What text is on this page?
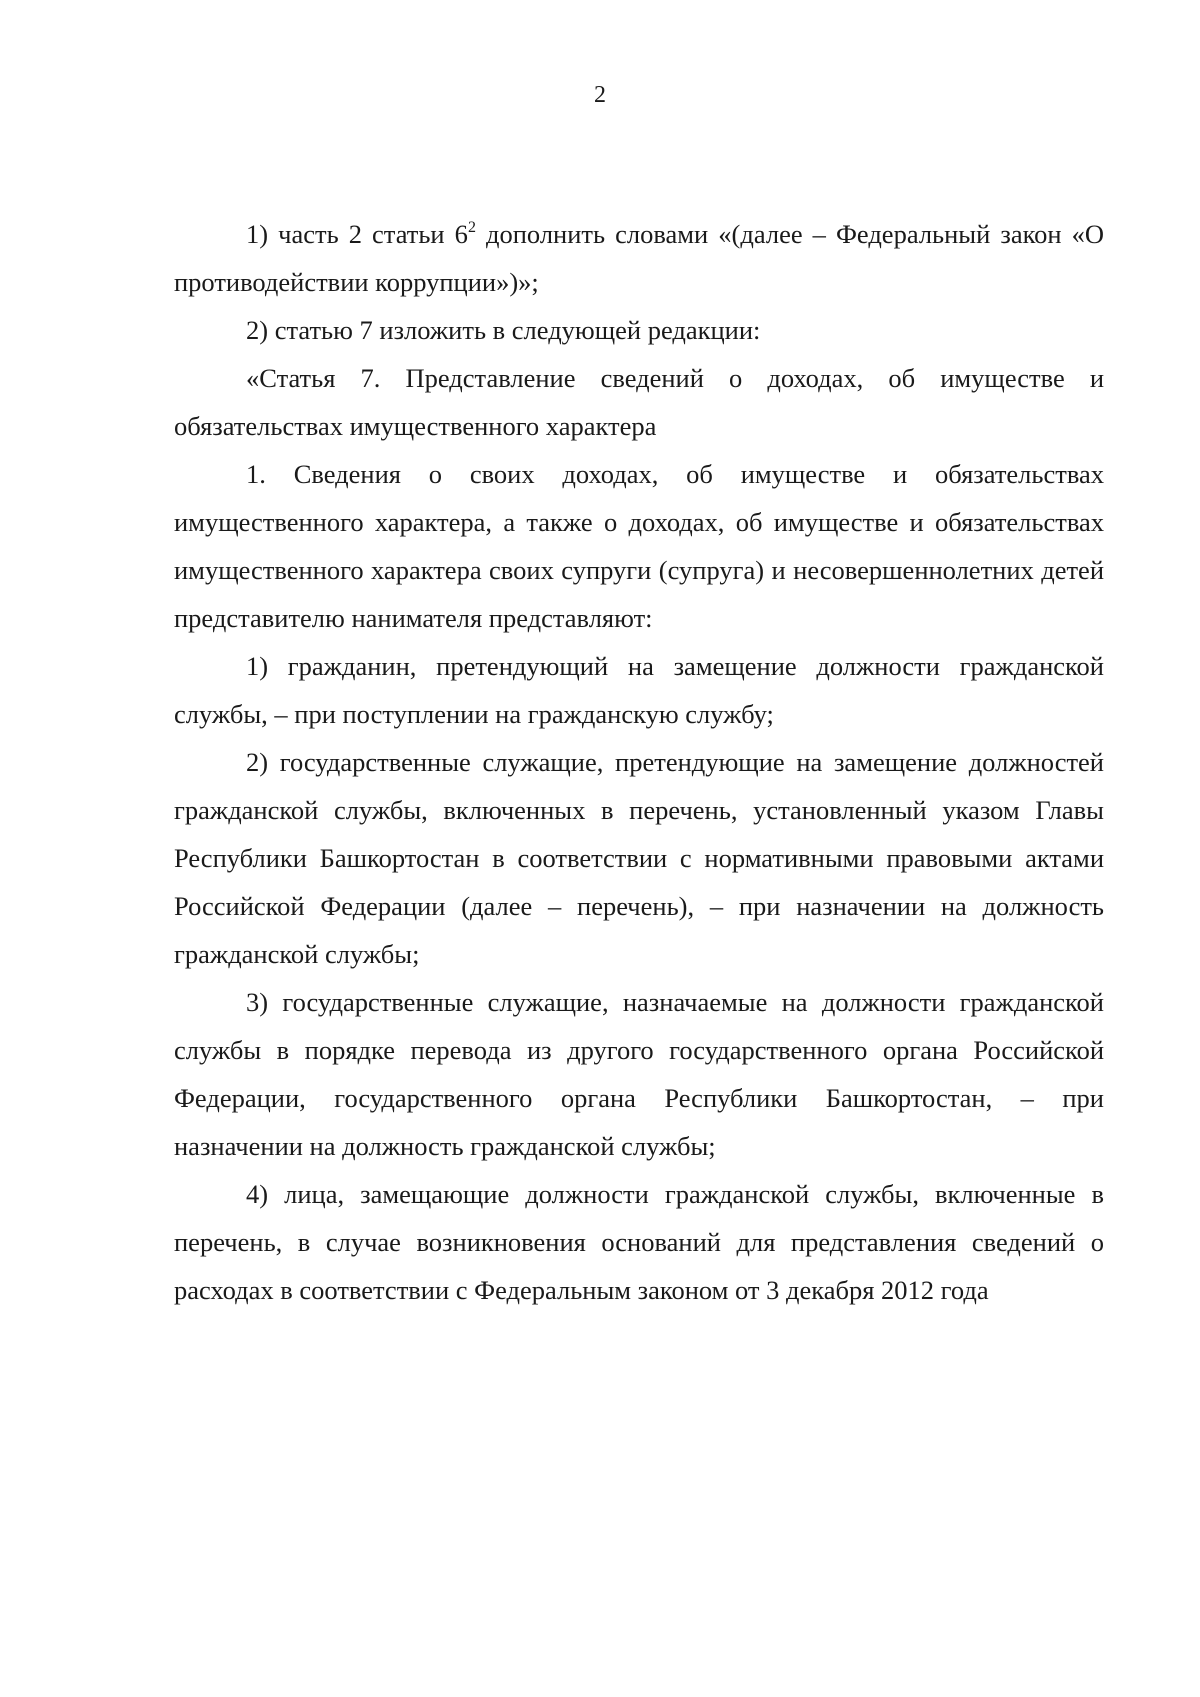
2

1) часть 2 статьи $6^2$ дополнить словами «(далее – Федеральный закон «О противодействии коррупции»)»;

2) статью 7 изложить в следующей редакции:

«Статья 7. Представление сведений о доходах, об имуществе и обязательствах имущественного характера

1. Сведения о своих доходах, об имуществе и обязательствах имущественного характера, а также о доходах, об имуществе и обязательствах имущественного характера своих супруги (супруга) и несовершеннолетних детей представителю нанимателя представляют:

1) гражданин, претендующий на замещение должности гражданской службы, – при поступлении на гражданскую службу;

2) государственные служащие, претендующие на замещение должностей гражданской службы, включенных в перечень, установленный указом Главы Республики Башкортостан в соответствии с нормативными правовыми актами Российской Федерации (далее – перечень), – при назначении на должность гражданской службы;

3) государственные служащие, назначаемые на должности гражданской службы в порядке перевода из другого государственного органа Российской Федерации, государственного органа Республики Башкортостан, – при назначении на должность гражданской службы;

4) лица, замещающие должности гражданской службы, включенные в перечень, в случае возникновения оснований для представления сведений о расходах в соответствии с Федеральным законом от 3 декабря 2012 года
